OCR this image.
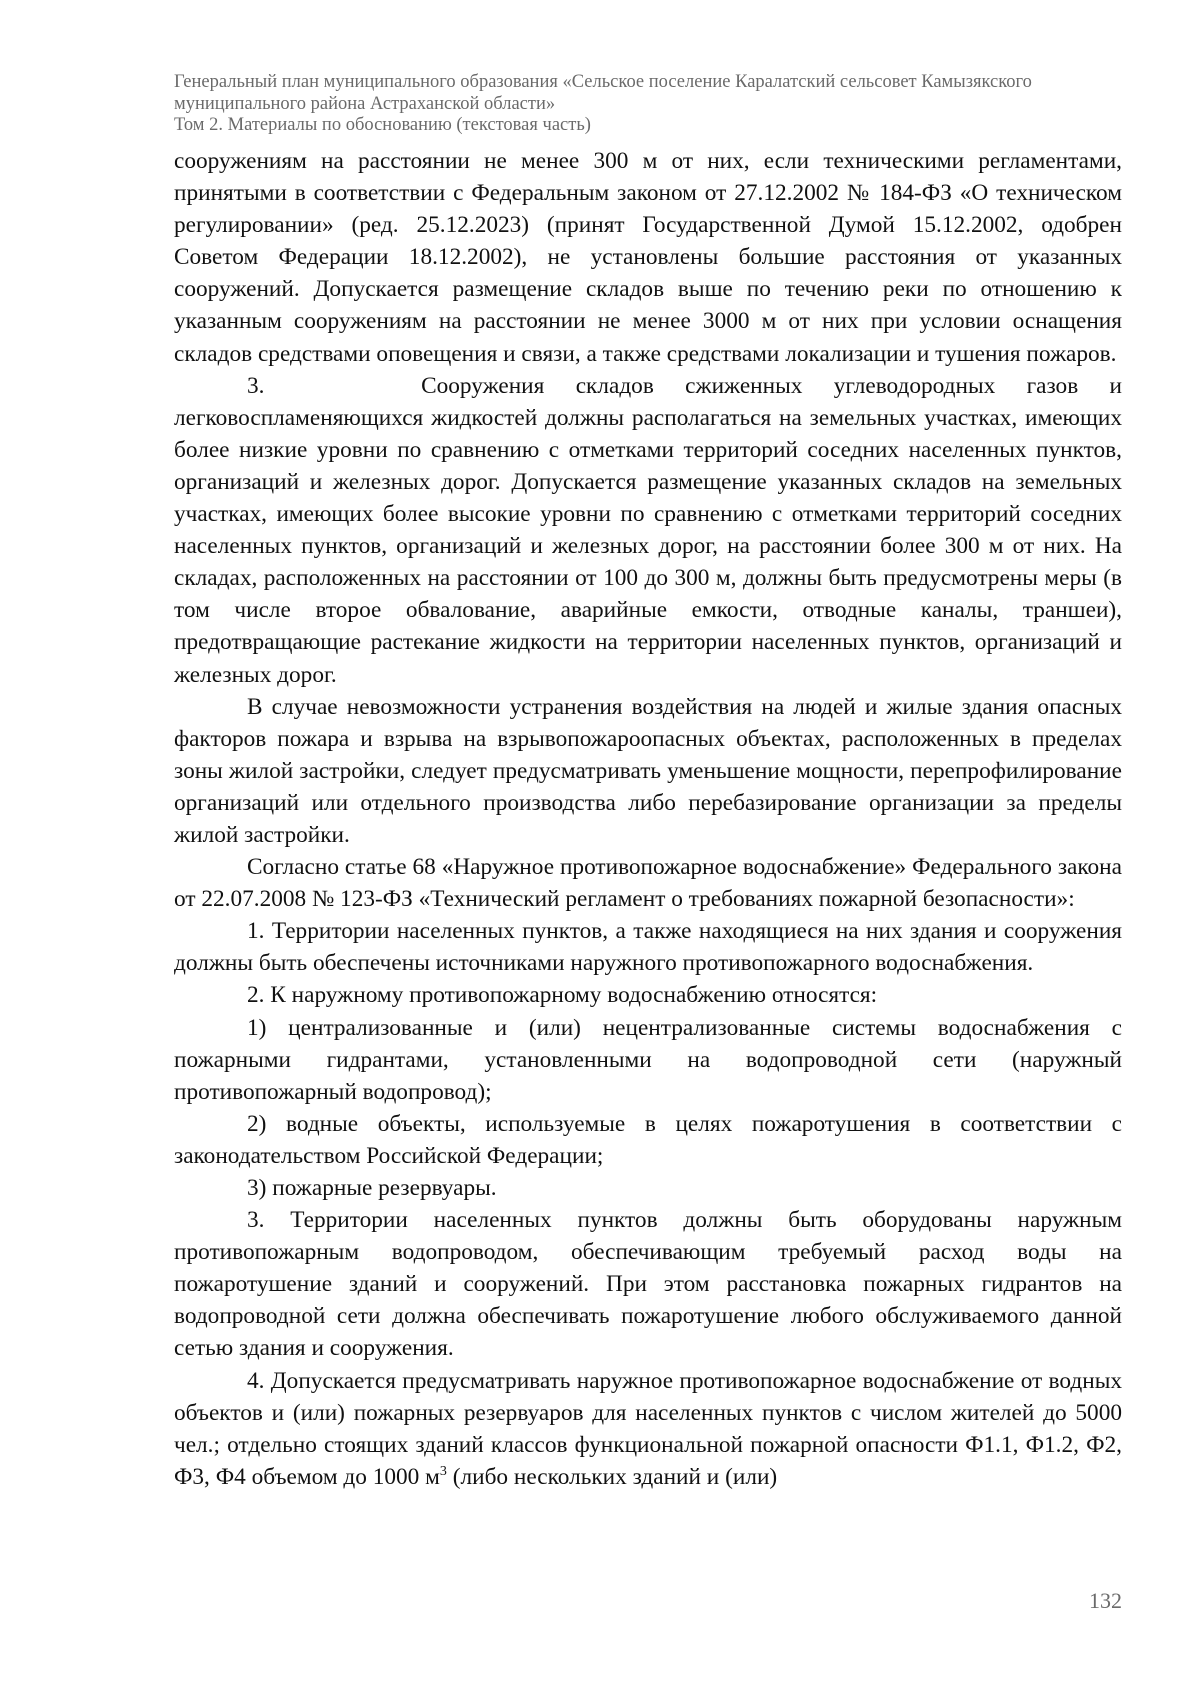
Генеральный план муниципального образования «Сельское поселение Каралатский сельсовет Камызякского
муниципального района Астраханской области»
Том 2. Материалы по обоснованию (текстовая часть)

сооружениям на расстоянии не менее 300 м от них, если техническими регламентами, принятыми в соответствии с Федеральным законом от 27.12.2002 № 184-ФЗ «О техническом регулировании» (ред. 25.12.2023) (принят Государственной Думой 15.12.2002, одобрен Советом Федерации 18.12.2002), не установлены большие расстояния от указанных сооружений. Допускается размещение складов выше по течению реки по отношению к указанным сооружениям на расстоянии не менее 3000 м от них при условии оснащения складов средствами оповещения и связи, а также средствами локализации и тушения пожаров.

3.     Сооружения складов сжиженных углеводородных газов и легковоспламеняющихся жидкостей должны располагаться на земельных участках, имеющих более низкие уровни по сравнению с отметками территорий соседних населенных пунктов, организаций и железных дорог. Допускается размещение указанных складов на земельных участках, имеющих более высокие уровни по сравнению с отметками территорий соседних населенных пунктов, организаций и железных дорог, на расстоянии более 300 м от них. На складах, расположенных на расстоянии от 100 до 300 м, должны быть предусмотрены меры (в том числе второе обвалование, аварийные емкости, отводные каналы, траншеи), предотвращающие растекание жидкости на территории населенных пунктов, организаций и железных дорог.

В случае невозможности устранения воздействия на людей и жилые здания опасных факторов пожара и взрыва на взрывопожароопасных объектах, расположенных в пределах зоны жилой застройки, следует предусматривать уменьшение мощности, перепрофилирование организаций или отдельного производства либо перебазирование организации за пределы жилой застройки.

Согласно статье 68 «Наружное противопожарное водоснабжение» Федерального закона от 22.07.2008 № 123-ФЗ «Технический регламент о требованиях пожарной безопасности»:

1. Территории населенных пунктов, а также находящиеся на них здания и сооружения должны быть обеспечены источниками наружного противопожарного водоснабжения.

2. К наружному противопожарному водоснабжению относятся:

1) централизованные и (или) нецентрализованные системы водоснабжения с пожарными гидрантами, установленными на водопроводной сети (наружный противопожарный водопровод);

2) водные объекты, используемые в целях пожаротушения в соответствии с законодательством Российской Федерации;

3) пожарные резервуары.

3. Территории населенных пунктов должны быть оборудованы наружным противопожарным водопроводом, обеспечивающим требуемый расход воды на пожаротушение зданий и сооружений. При этом расстановка пожарных гидрантов на водопроводной сети должна обеспечивать пожаротушение любого обслуживаемого данной сетью здания и сооружения.

4. Допускается предусматривать наружное противопожарное водоснабжение от водных объектов и (или) пожарных резервуаров для населенных пунктов с числом жителей до 5000 чел.; отдельно стоящих зданий классов функциональной пожарной опасности Ф1.1, Ф1.2, Ф2, Ф3, Ф4 объемом до 1000 $м^3$ (либо нескольких зданий и (или)

132
